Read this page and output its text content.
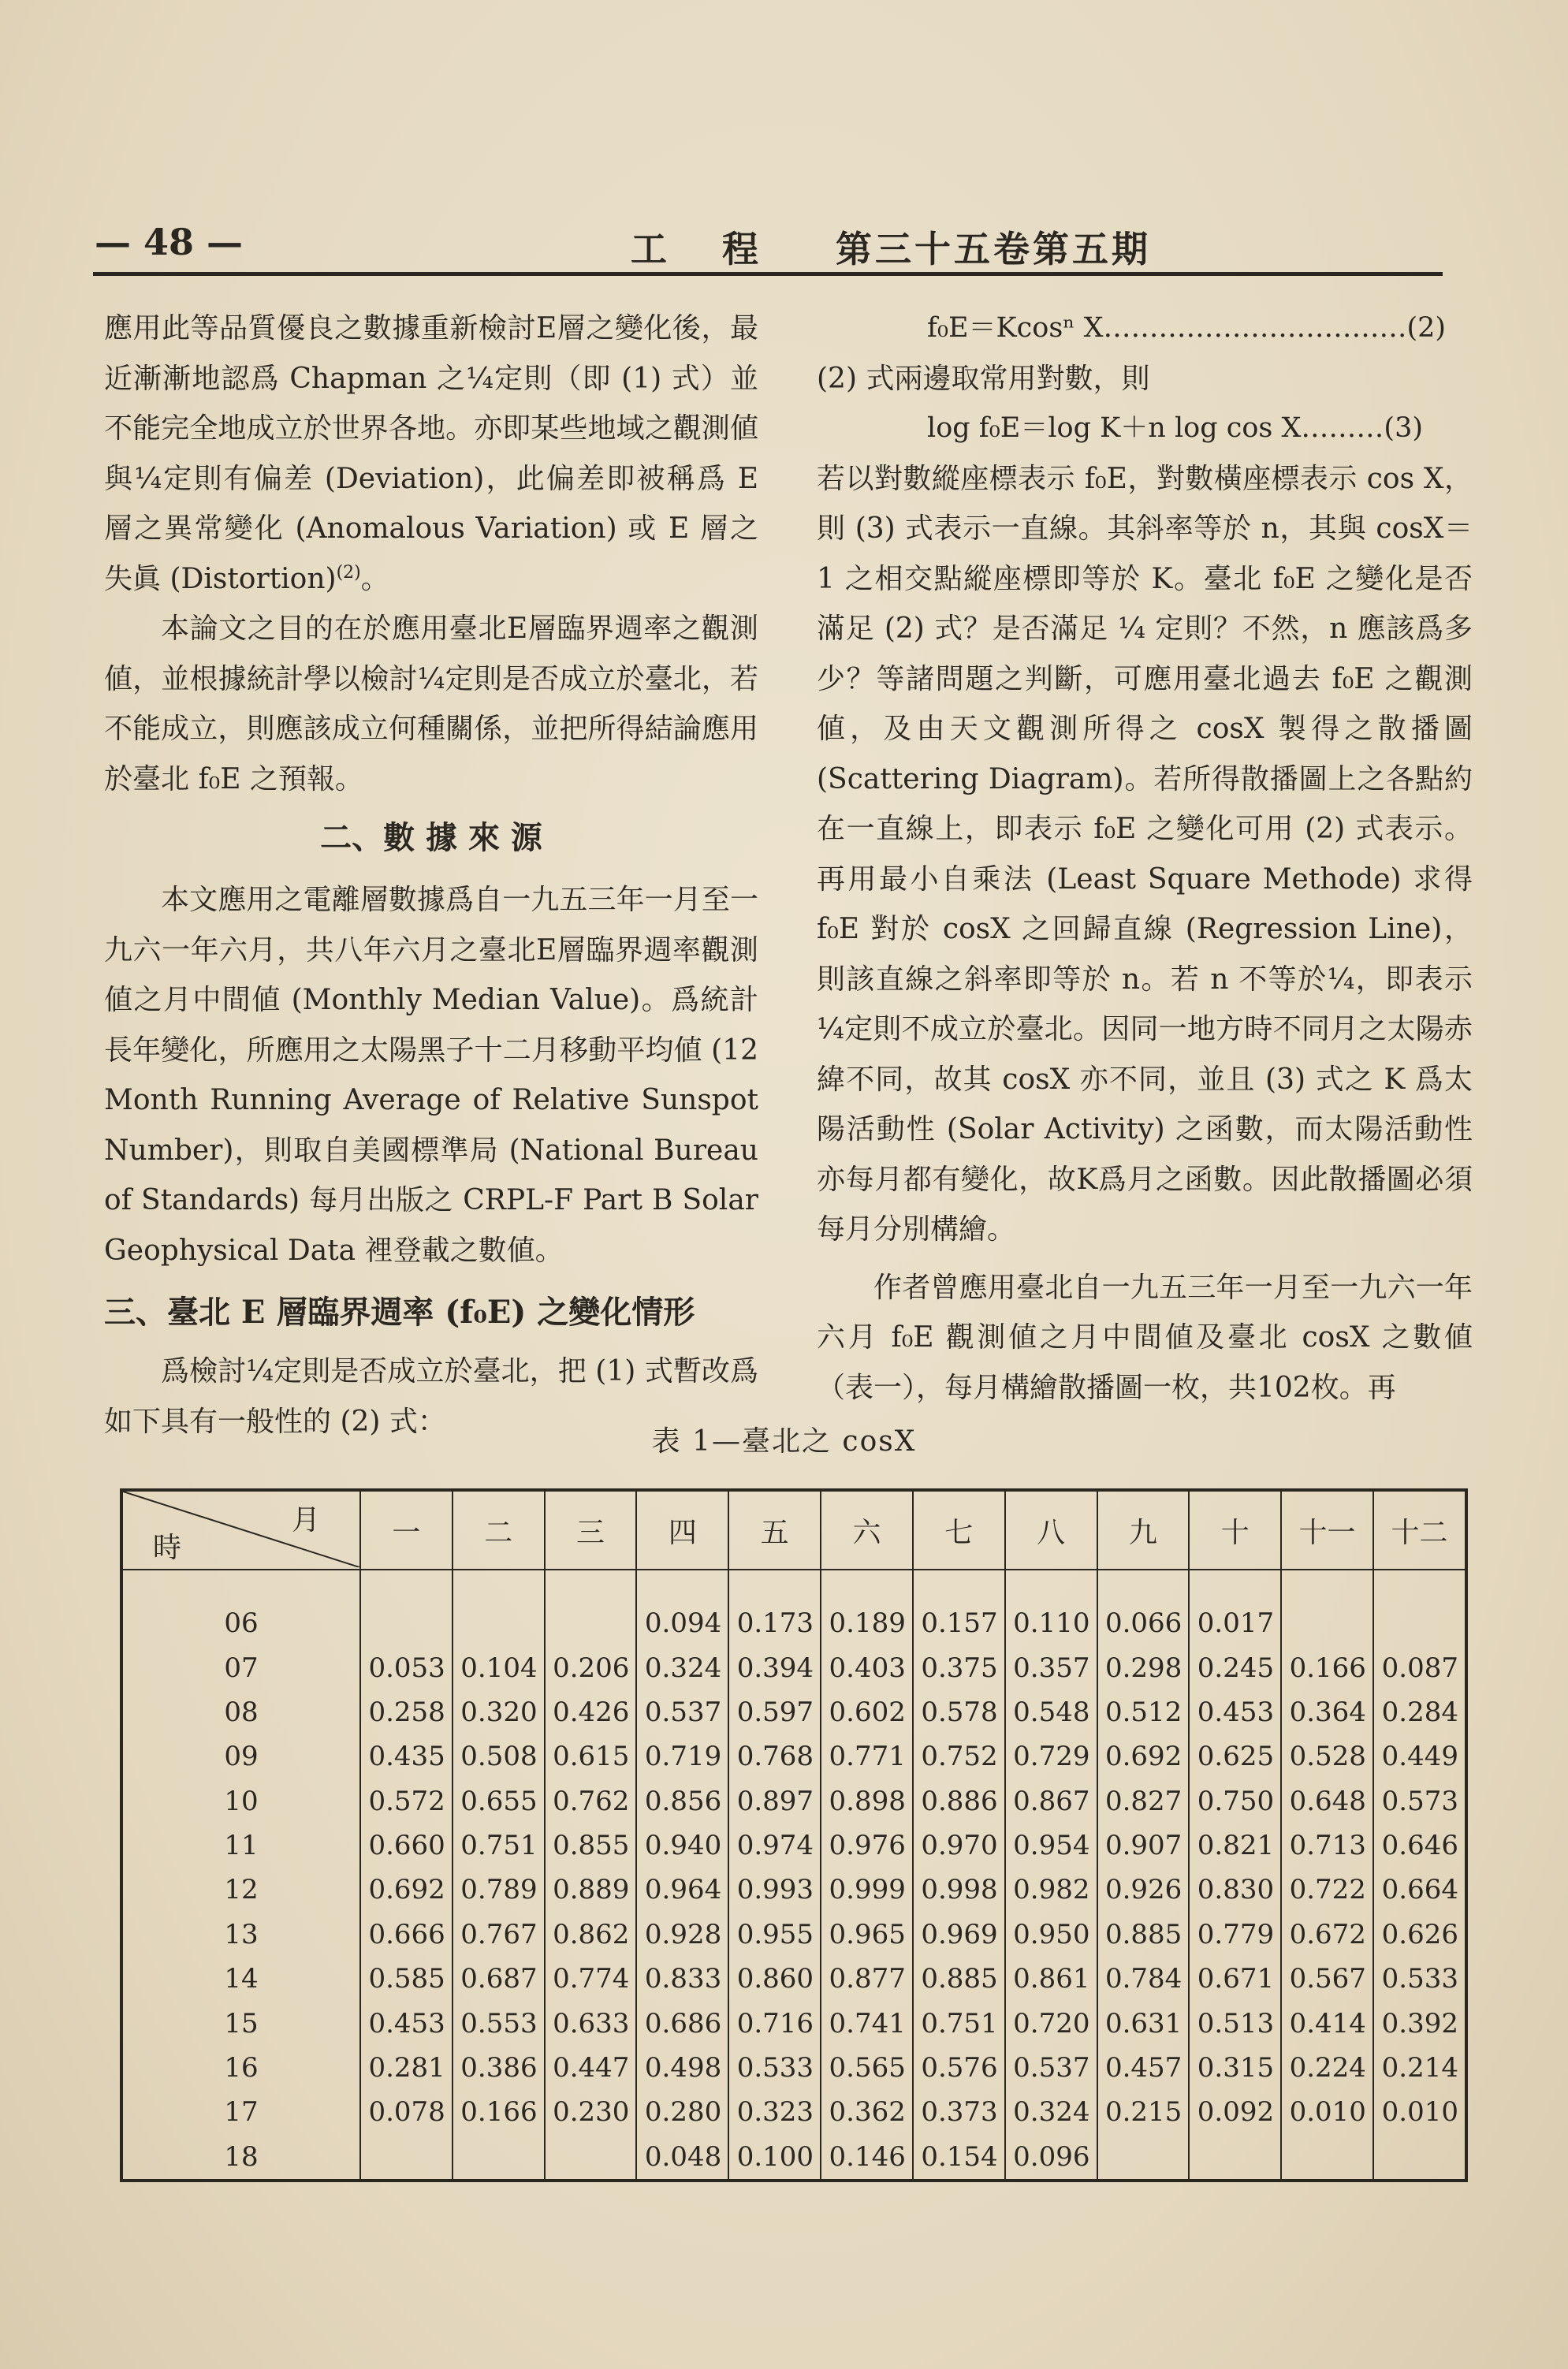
— 48 —	工程 第三十五卷第五期

應用此等品質優良之數據重新檢討E層之變化後，最近漸漸地認爲 Chapman 之¼定則（即 (1) 式）並不能完全地成立於世界各地。亦即某些地域之觀測値與¼定則有偏差 (Deviation)，此偏差即被稱爲 E 層之異常變化 (Anomalous Variation) 或 E 層之失眞 (Distortion)$^{(2)}$。

本論文之目的在於應用臺北E層臨界週率之觀測値，並根據統計學以檢討¼定則是否成立於臺北，若不能成立，則應該成立何種關係，並把所得結論應用於臺北 f₀E 之預報。

二、數 據 來 源

本文應用之電離層數據爲自一九五三年一月至一九六一年六月，共八年六月之臺北E層臨界週率觀測値之月中間値 (Monthly Median Value)。爲統計長年變化，所應用之太陽黑子十二月移動平均値 (12 Month Running Average of Relative Sunspot Number)，則取自美國標準局 (National Bureau of Standards) 每月出版之 CRPL-F Part B Solar Geophysical Data 裡登載之數値。

三、臺北 E 層臨界週率 (f₀E) 之變化情形

爲檢討¼定則是否成立於臺北，把 (1) 式暫改爲如下具有一般性的 (2) 式：

f₀E＝Kcosⁿ X……………………………(2)

(2) 式兩邊取常用對數，則

log f₀E＝log K＋n log cos X………(3)

若以對數縱座標表示 f₀E，對數橫座標表示 cos X，則 (3) 式表示一直線。其斜率等於 n，其與 cosX＝1 之相交點縱座標即等於 K。臺北 f₀E 之變化是否滿足 (2) 式？是否滿足 ¼ 定則？不然，n 應該爲多少？等諸問題之判斷，可應用臺北過去 f₀E 之觀測値，及由天文觀測所得之 cosX 製得之散播圖 (Scattering Diagram)。若所得散播圖上之各點約在一直線上，即表示 f₀E 之變化可用 (2) 式表示。再用最小自乘法 (Least Square Methode) 求得 f₀E 對於 cosX 之回歸直線 (Regression Line)，則該直線之斜率即等於 n。若 n 不等於¼，即表示¼定則不成立於臺北。因同一地方時不同月之太陽赤緯不同，故其 cosX 亦不同，並且 (3) 式之 K 爲太陽活動性 (Solar Activity) 之函數，而太陽活動性亦每月都有變化，故K爲月之函數。因此散播圖必須每月分別構繪。

作者曾應用臺北自一九五三年一月至一九六一年六月 f₀E 觀測値之月中間値及臺北 cosX 之數値（表一），每月構繪散播圖一枚，共102枚。再

表 1—臺北之 cosX
月
時	一	二	三	四	五	六	七	八	九	十	十一	十二
06				0.094	0.173	0.189	0.157	0.110	0.066	0.017		
07	0.053	0.104	0.206	0.324	0.394	0.403	0.375	0.357	0.298	0.245	0.166	0.087
08	0.258	0.320	0.426	0.537	0.597	0.602	0.578	0.548	0.512	0.453	0.364	0.284
09	0.435	0.508	0.615	0.719	0.768	0.771	0.752	0.729	0.692	0.625	0.528	0.449
10	0.572	0.655	0.762	0.856	0.897	0.898	0.886	0.867	0.827	0.750	0.648	0.573
11	0.660	0.751	0.855	0.940	0.974	0.976	0.970	0.954	0.907	0.821	0.713	0.646
12	0.692	0.789	0.889	0.964	0.993	0.999	0.998	0.982	0.926	0.830	0.722	0.664
13	0.666	0.767	0.862	0.928	0.955	0.965	0.969	0.950	0.885	0.779	0.672	0.626
14	0.585	0.687	0.774	0.833	0.860	0.877	0.885	0.861	0.784	0.671	0.567	0.533
15	0.453	0.553	0.633	0.686	0.716	0.741	0.751	0.720	0.631	0.513	0.414	0.392
16	0.281	0.386	0.447	0.498	0.533	0.565	0.576	0.537	0.457	0.315	0.224	0.214
17	0.078	0.166	0.230	0.280	0.323	0.362	0.373	0.324	0.215	0.092	0.010	0.010
18				0.048	0.100	0.146	0.154	0.096				
